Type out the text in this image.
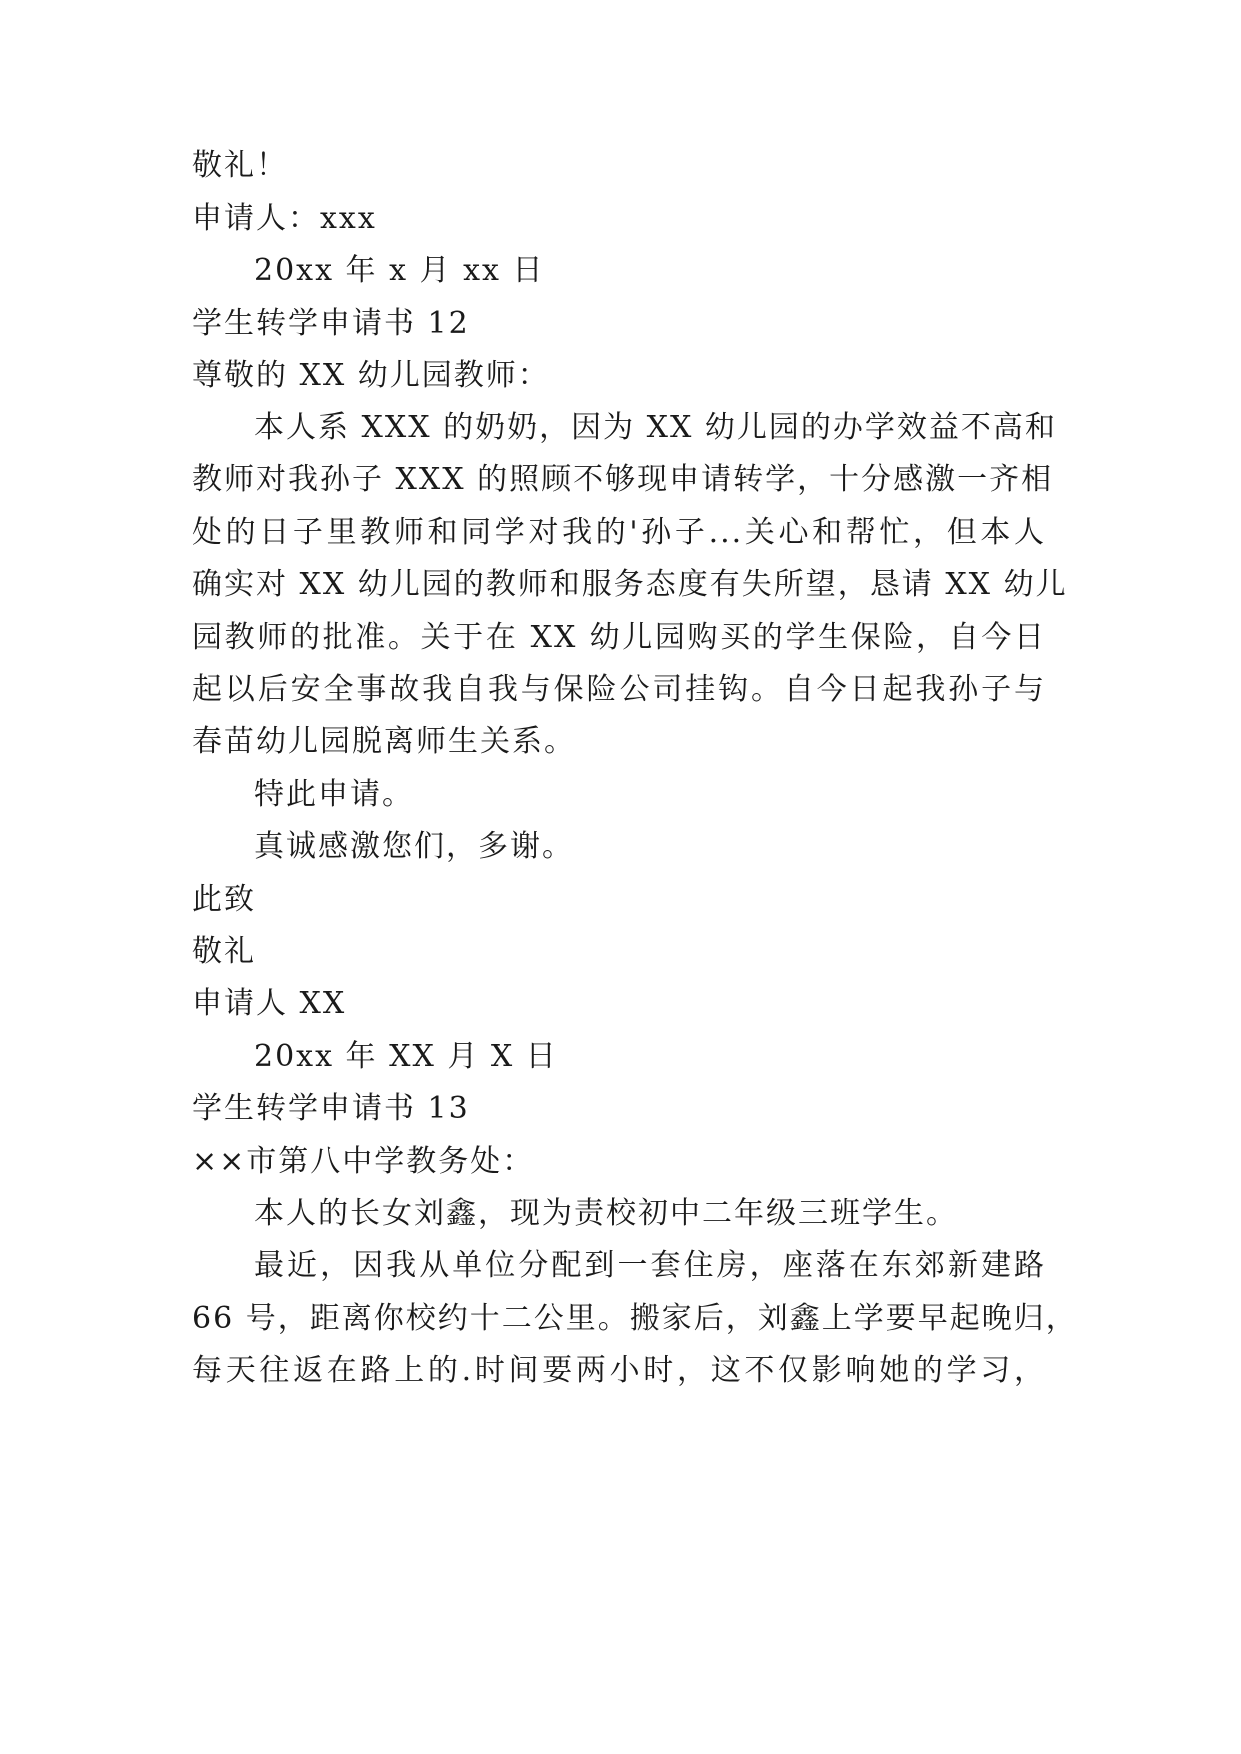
敬礼！
申请人：xxx
20xx 年 x 月 xx 日
学生转学申请书 12
尊敬的 XX 幼儿园教师：
本人系 XXX 的奶奶，因为 XX 幼儿园的办学效益不高和
教师对我孙子 XXX 的照顾不够现申请转学，十分感激一齐相
处的日子里教师和同学对我的'孙子...关心和帮忙，但本人
确实对 XX 幼儿园的教师和服务态度有失所望，恳请 XX 幼儿
园教师的批准。关于在 XX 幼儿园购买的学生保险，自今日
起以后安全事故我自我与保险公司挂钩。自今日起我孙子与
春苗幼儿园脱离师生关系。
特此申请。
真诚感激您们，多谢。
此致
敬礼
申请人 XX
20xx 年 XX 月 X 日
学生转学申请书 13
××市第八中学教务处：
本人的长女刘鑫，现为责校初中二年级三班学生。
最近，因我从单位分配到一套住房，座落在东郊新建路
66 号，距离你校约十二公里。搬家后，刘鑫上学要早起晚归，
每天往返在路上的.时间要两小时，这不仅影响她的学习，
